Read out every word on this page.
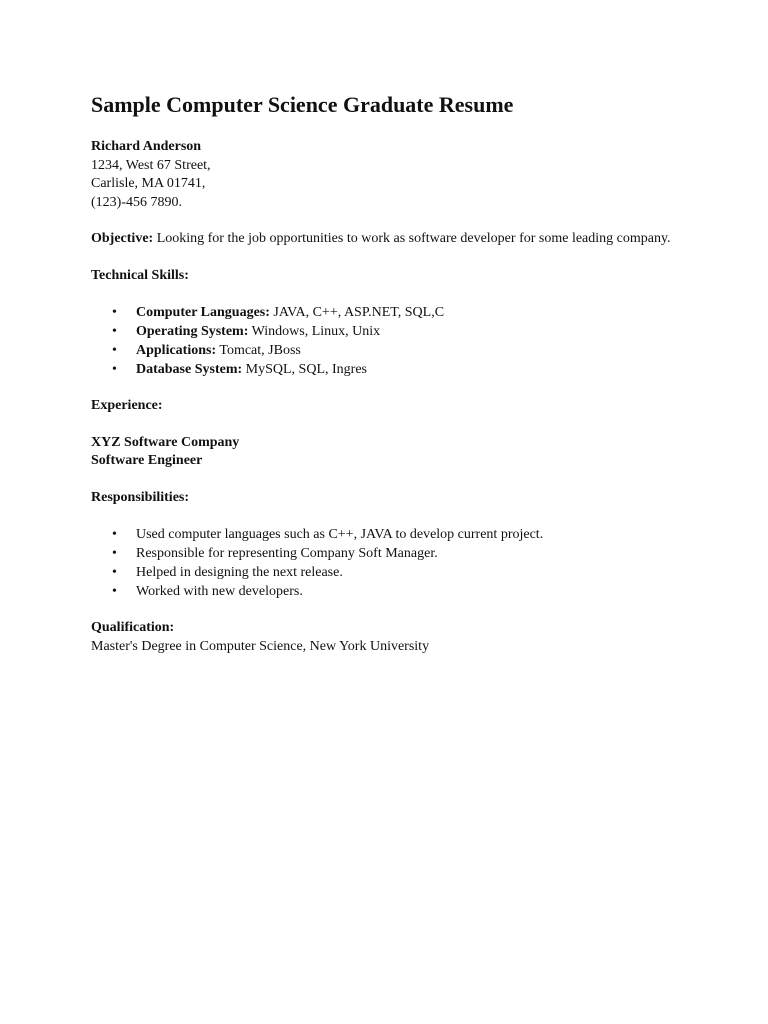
Sample Computer Science Graduate Resume
Richard Anderson
1234, West 67 Street,
Carlisle, MA 01741,
(123)-456 7890.
Objective: Looking for the job opportunities to work as software developer for some leading company.
Technical Skills:
• Computer Languages: JAVA, C++, ASP.NET, SQL,C
• Operating System: Windows, Linux, Unix
• Applications: Tomcat, JBoss
• Database System: MySQL, SQL, Ingres
Experience:
XYZ Software Company
Software Engineer
Responsibilities:
• Used computer languages such as C++, JAVA to develop current project.
• Responsible for representing Company Soft Manager.
• Helped in designing the next release.
• Worked with new developers.
Qualification:
Master's Degree in Computer Science, New York University
